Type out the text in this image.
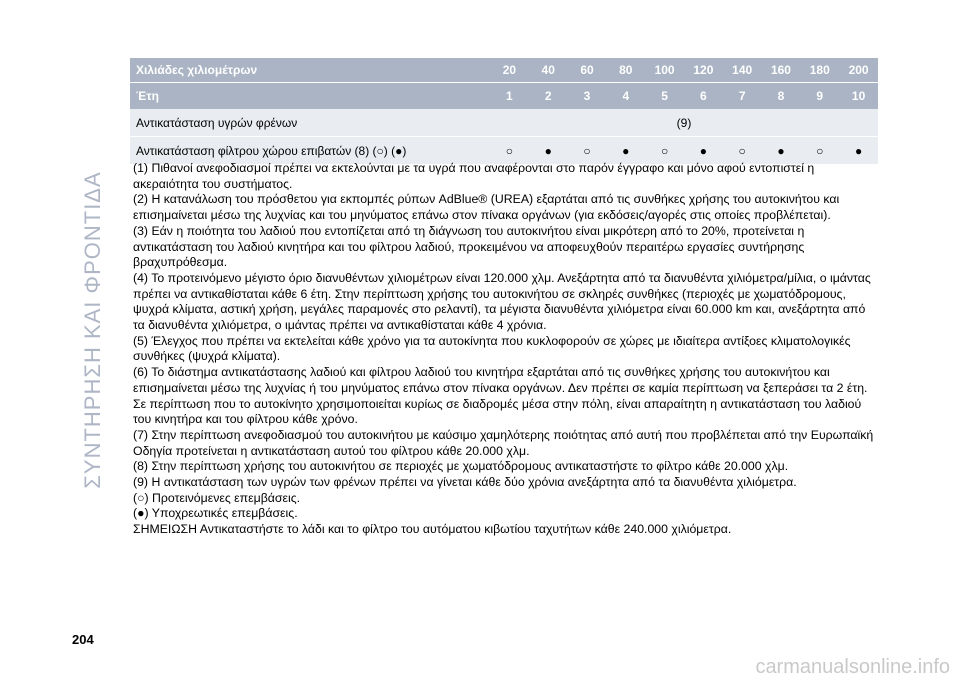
ΣΥΝΤΗΡΗΣΗ ΚΑΙ ΦΡΟΝΤΙΔΑ
Χιλιάδες χιλιομέτρων	20	40	60	80	100	120	140	160	180	200
Έτη	1	2	3	4	5	6	7	8	9	10
Αντικατάσταση υγρών φρένων	(9)									
Αντικατάσταση φίλτρου χώρου επιβατών (8) (○) (●)	○	●	○	●	○	●	○	●	○	●

(1) Πιθανοί ανεφοδιασμοί πρέπει να εκτελούνται με τα υγρά που αναφέρονται στο παρόν έγγραφο και μόνο αφού εντοπιστεί η ακεραιότητα του συστήματος.

(2) Η κατανάλωση του πρόσθετου για εκπομπές ρύπων AdBlue® (UREA) εξαρτάται από τις συνθήκες χρήσης του αυτοκινήτου και επισημαίνεται μέσω της λυχνίας και του μηνύματος επάνω στον πίνακα οργάνων (για εκδόσεις/αγορές στις οποίες προβλέπεται).

(3) Εάν η ποιότητα του λαδιού που εντοπίζεται από τη διάγνωση του αυτοκινήτου είναι μικρότερη από το 20%, προτείνεται η αντικατάσταση του λαδιού κινητήρα και του φίλτρου λαδιού, προκειμένου να αποφευχθούν περαιτέρω εργασίες συντήρησης βραχυπρόθεσμα.

(4) Το προτεινόμενο μέγιστο όριο διανυθέντων χιλιομέτρων είναι 120.000 χλμ. Ανεξάρτητα από τα διανυθέντα χιλιόμετρα/μίλια, ο ιμάντας πρέπει να αντικαθίσταται κάθε 6 έτη. Στην περίπτωση χρήσης του αυτοκινήτου σε σκληρές συνθήκες (περιοχές με χωματόδρομους, ψυχρά κλίματα, αστική χρήση, μεγάλες παραμονές στο ρελαντί), τα μέγιστα διανυθέντα χιλιόμετρα είναι 60.000 km και, ανεξάρτητα από τα διανυθέντα χιλιόμετρα, ο ιμάντας πρέπει να αντικαθίσταται κάθε 4 χρόνια.

(5) Έλεγχος που πρέπει να εκτελείται κάθε χρόνο για τα αυτοκίνητα που κυκλοφορούν σε χώρες με ιδιαίτερα αντίξοες κλιματολογικές συνθήκες (ψυχρά κλίματα).

(6) Το διάστημα αντικατάστασης λαδιού και φίλτρου λαδιού του κινητήρα εξαρτάται από τις συνθήκες χρήσης του αυτοκινήτου και επισημαίνεται μέσω της λυχνίας ή του μηνύματος επάνω στον πίνακα οργάνων. Δεν πρέπει σε καμία περίπτωση να ξεπεράσει τα 2 έτη. Σε περίπτωση που το αυτοκίνητο χρησιμοποιείται κυρίως σε διαδρομές μέσα στην πόλη, είναι απαραίτητη η αντικατάσταση του λαδιού του κινητήρα και του φίλτρου κάθε χρόνο.

(7) Στην περίπτωση ανεφοδιασμού του αυτοκινήτου με καύσιμο χαμηλότερης ποιότητας από αυτή που προβλέπεται από την Ευρωπαϊκή Οδηγία προτείνεται η αντικατάσταση αυτού του φίλτρου κάθε 20.000 χλμ.

(8) Στην περίπτωση χρήσης του αυτοκινήτου σε περιοχές με χωματόδρομους αντικαταστήστε το φίλτρο κάθε 20.000 χλμ.

(9) Η αντικατάσταση των υγρών των φρένων πρέπει να γίνεται κάθε δύο χρόνια ανεξάρτητα από τα διανυθέντα χιλιόμετρα.

(○) Προτεινόμενες επεμβάσεις.

(●) Υποχρεωτικές επεμβάσεις.

ΣΗΜΕΙΩΣΗ Αντικαταστήστε το λάδι και το φίλτρο του αυτόματου κιβωτίου ταχυτήτων κάθε 240.000 χιλιόμετρα.

204
carmanualsonline.info
